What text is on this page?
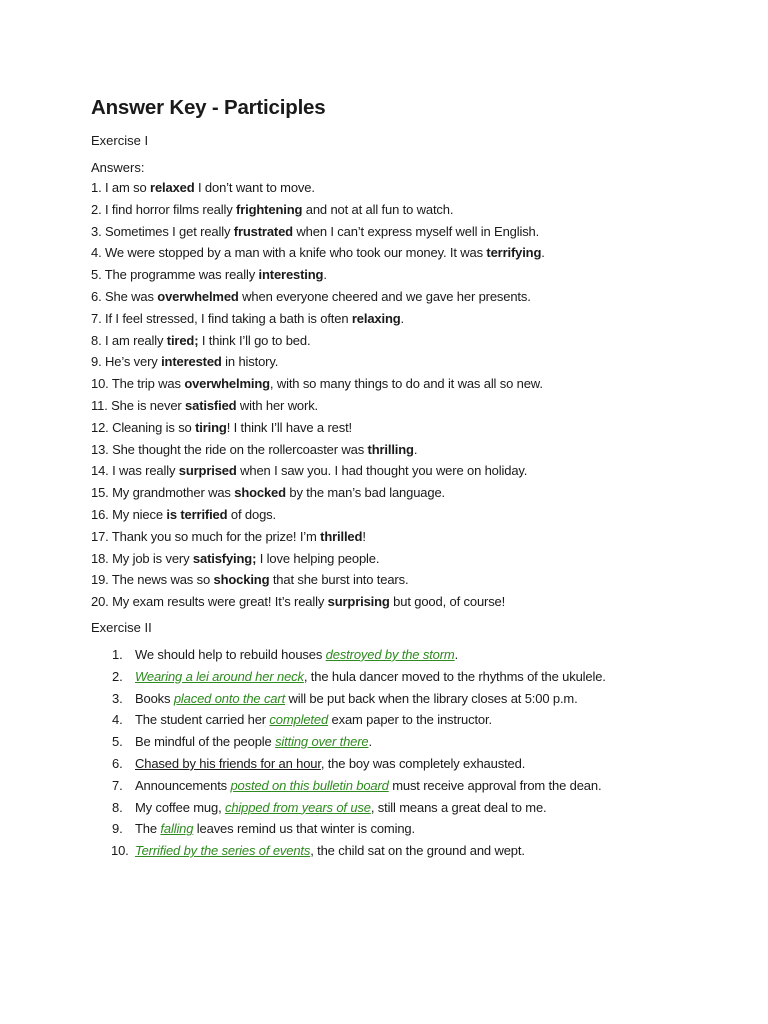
Answer Key - Participles
Exercise I
Answers:
1. I am so relaxed I don’t want to move.
2. I find horror films really frightening and not at all fun to watch.
3. Sometimes I get really frustrated when I can’t express myself well in English.
4. We were stopped by a man with a knife who took our money. It was terrifying.
5. The programme was really interesting.
6. She was overwhelmed when everyone cheered and we gave her presents.
7. If I feel stressed, I find taking a bath is often relaxing.
8. I am really tired; I think I’ll go to bed.
9. He’s very interested in history.
10. The trip was overwhelming, with so many things to do and it was all so new.
11. She is never satisfied with her work.
12. Cleaning is so tiring! I think I’ll have a rest!
13. She thought the ride on the rollercoaster was thrilling.
14. I was really surprised when I saw you. I had thought you were on holiday.
15. My grandmother was shocked by the man’s bad language.
16. My niece is terrified of dogs.
17. Thank you so much for the prize! I’m thrilled!
18. My job is very satisfying; I love helping people.
19. The news was so shocking that she burst into tears.
20. My exam results were great! It’s really surprising but good, of course!
Exercise II
1. We should help to rebuild houses destroyed by the storm.
2. Wearing a lei around her neck, the hula dancer moved to the rhythms of the ukulele.
3. Books placed onto the cart will be put back when the library closes at 5:00 p.m.
4. The student carried her completed exam paper to the instructor.
5. Be mindful of the people sitting over there.
6. Chased by his friends for an hour, the boy was completely exhausted.
7. Announcements posted on this bulletin board must receive approval from the dean.
8. My coffee mug, chipped from years of use, still means a great deal to me.
9. The falling leaves remind us that winter is coming.
10. Terrified by the series of events, the child sat on the ground and wept.
